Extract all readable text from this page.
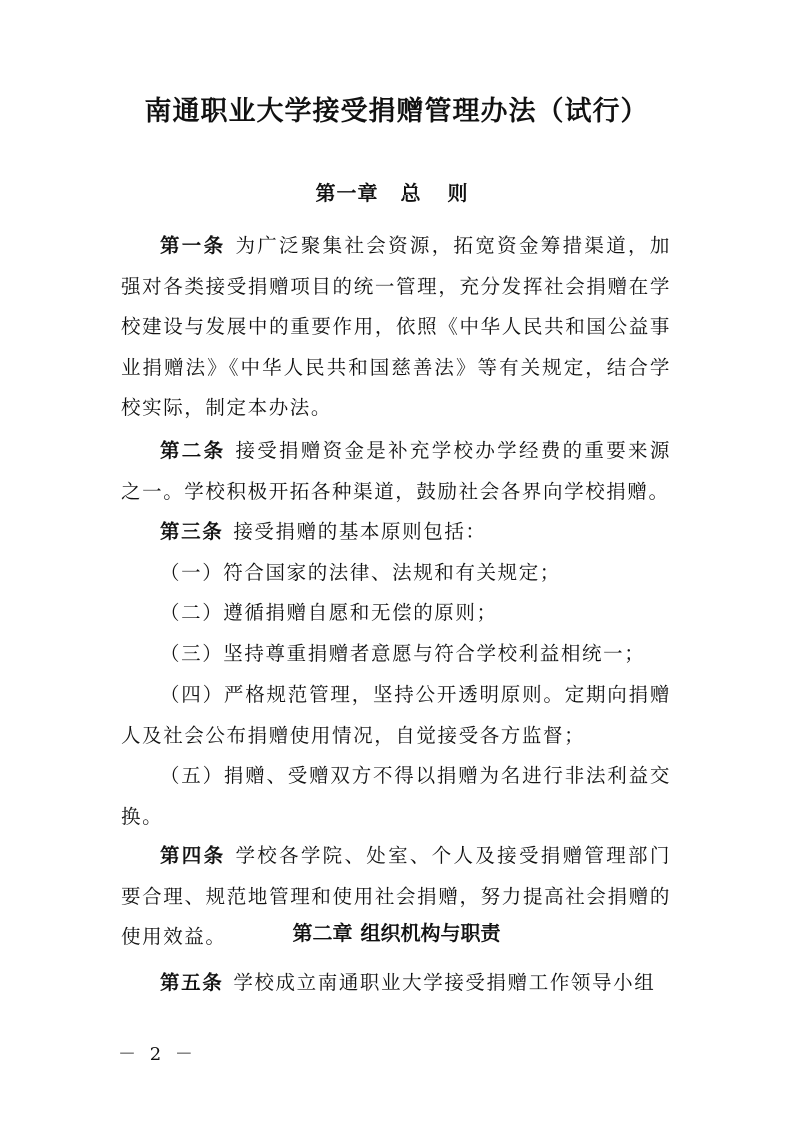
南通职业大学接受捐赠管理办法（试行）
第一章 总 则

第一条 为广泛聚集社会资源，拓宽资金筹措渠道，加强对各类接受捐赠项目的统一管理，充分发挥社会捐赠在学校建设与发展中的重要作用，依照《中华人民共和国公益事业捐赠法》《中华人民共和国慈善法》等有关规定，结合学校实际，制定本办法。

第二条 接受捐赠资金是补充学校办学经费的重要来源之一。学校积极开拓各种渠道，鼓励社会各界向学校捐赠。

第三条 接受捐赠的基本原则包括：

（一）符合国家的法律、法规和有关规定；

（二）遵循捐赠自愿和无偿的原则；

（三）坚持尊重捐赠者意愿与符合学校利益相统一；

（四）严格规范管理，坚持公开透明原则。定期向捐赠人及社会公布捐赠使用情况，自觉接受各方监督；

（五）捐赠、受赠双方不得以捐赠为名进行非法利益交换。

第四条 学校各学院、处室、个人及接受捐赠管理部门要合理、规范地管理和使用社会捐赠，努力提高社会捐赠的使用效益。	第二章 组织机构与职责

第五条 学校成立南通职业大学接受捐赠工作领导小组

－ 2 －
